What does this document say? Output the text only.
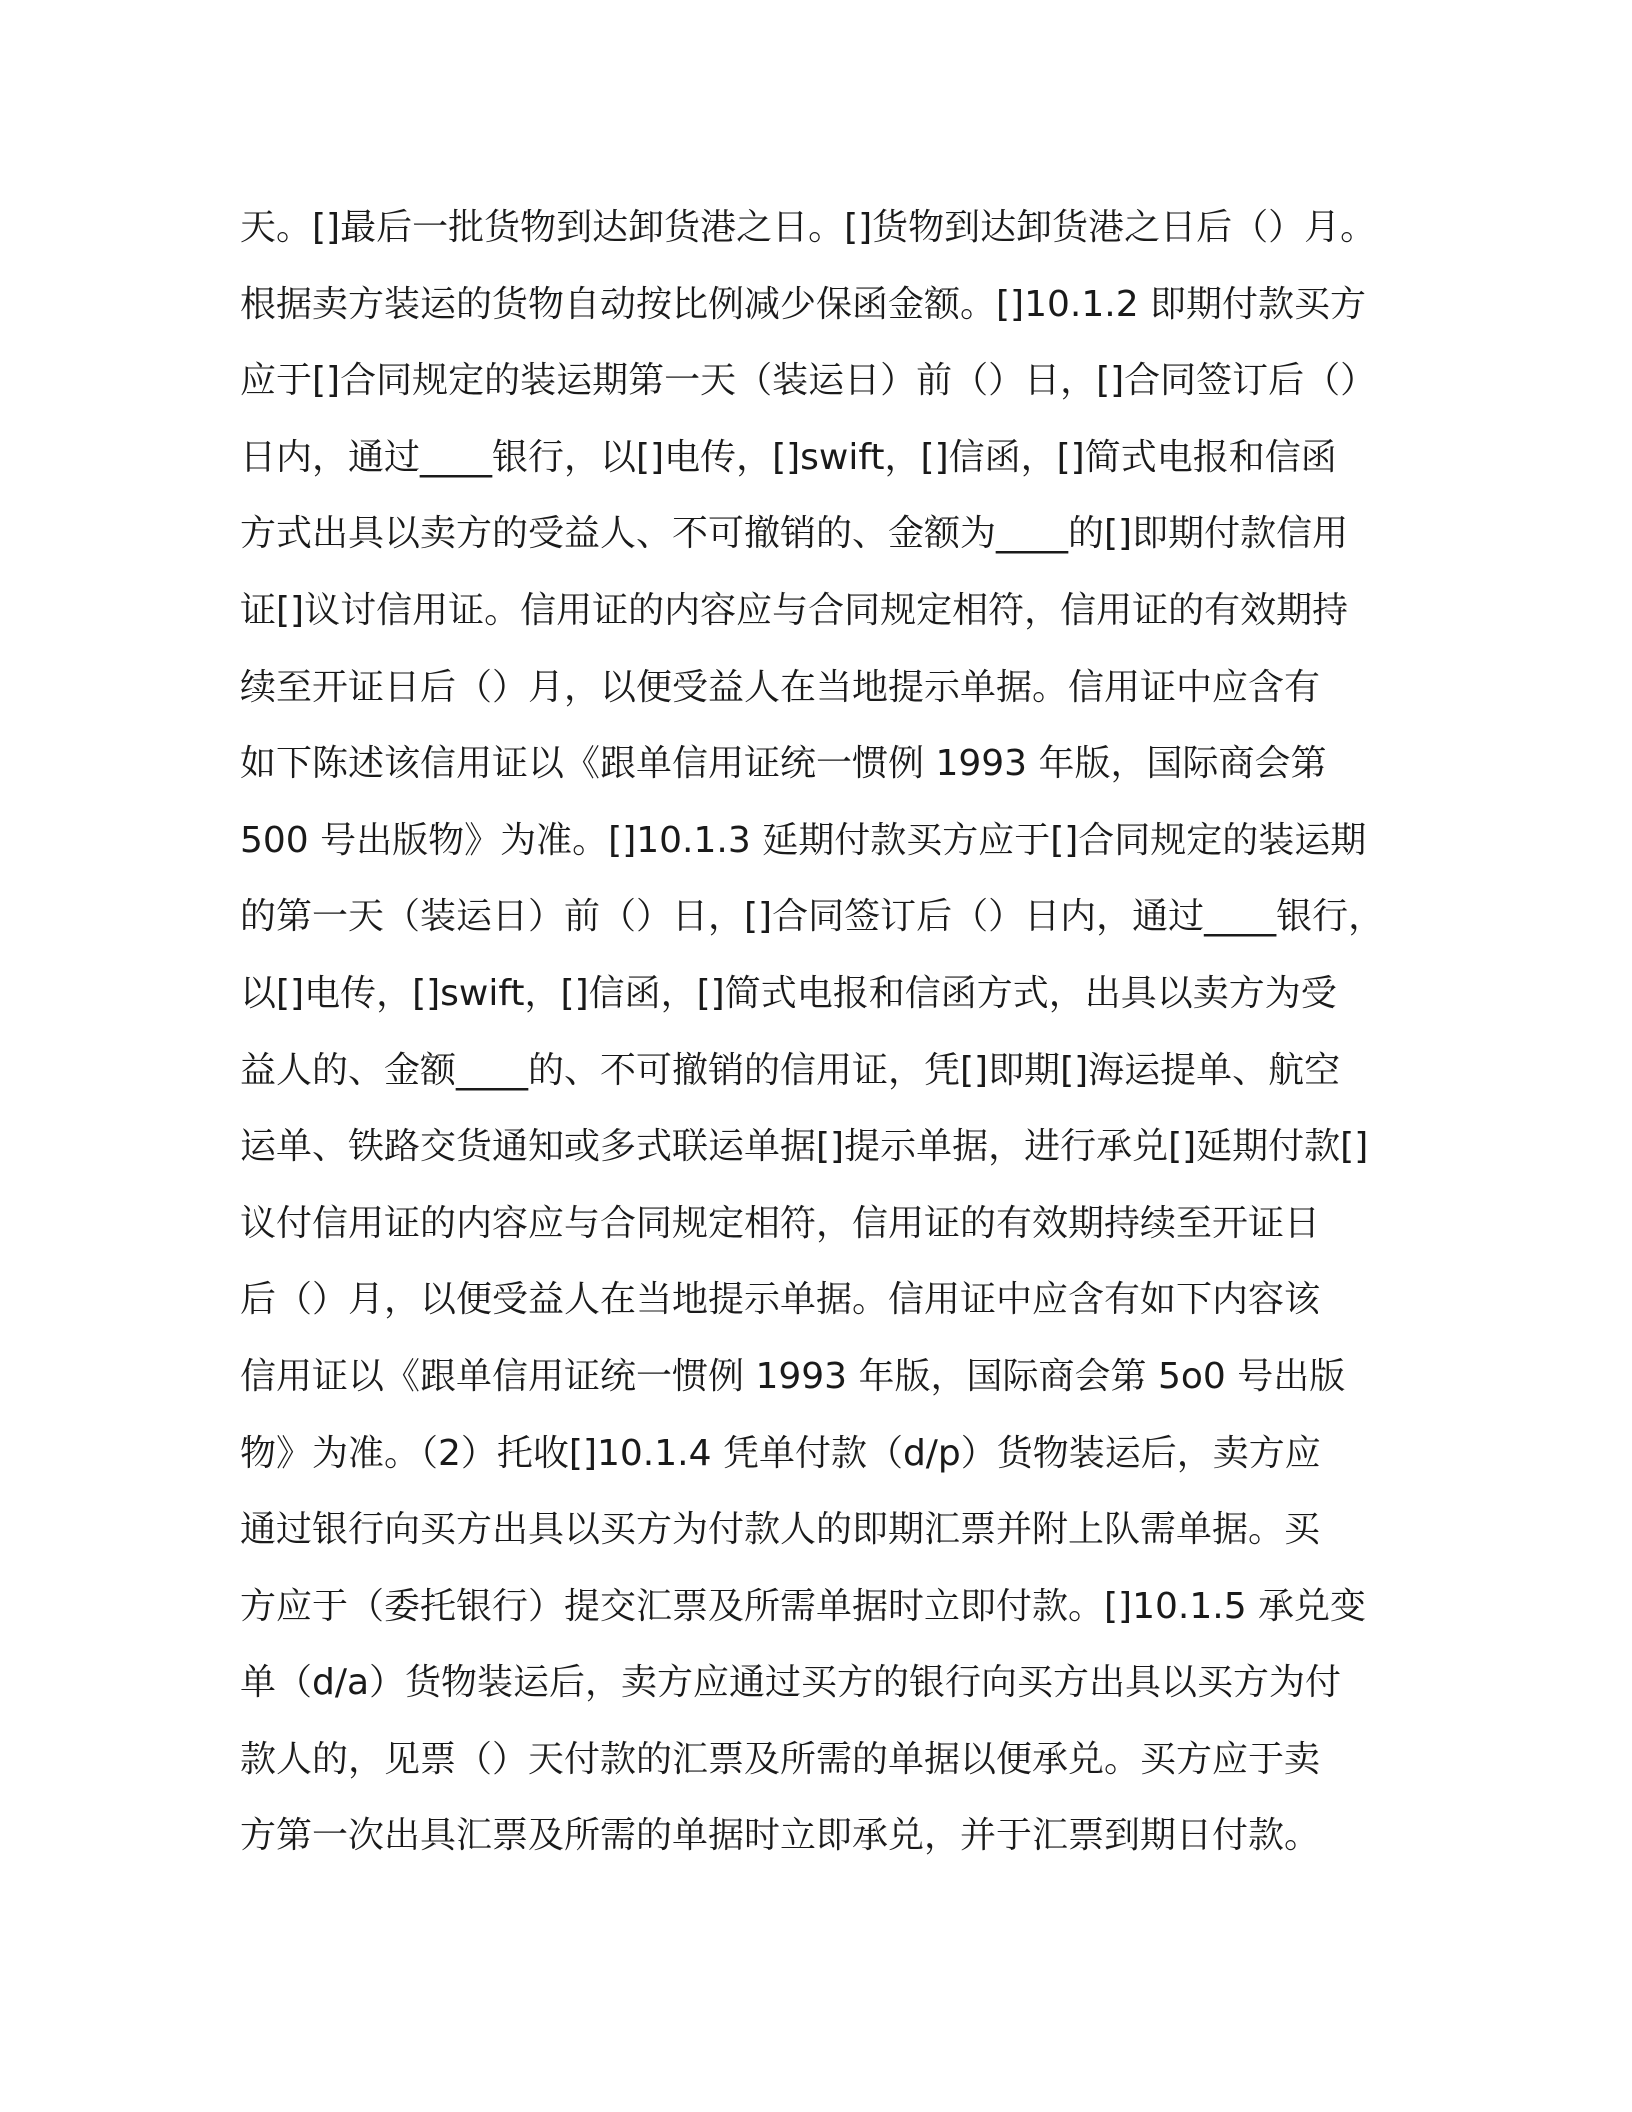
天。[]最后一批货物到达卸货港之日。[]货物到达卸货港之日后（）月。
根据卖方装运的货物自动按比例减少保函金额。[]10.1.2 即期付款买方
应于[]合同规定的装运期第一天（装运日）前（）日，[]合同签订后（）
日内，通过____银行，以[]电传，[]swift，[]信函，[]简式电报和信函
方式出具以卖方的受益人、不可撤销的、金额为____的[]即期付款信用
证[]议讨信用证。信用证的内容应与合同规定相符，信用证的有效期持
续至开证日后（）月，以便受益人在当地提示单据。信用证中应含有
如下陈述该信用证以《跟单信用证统一惯例 1993 年版，国际商会第
500 号出版物》为准。[]10.1.3 延期付款买方应于[]合同规定的装运期
的第一天（装运日）前（）日，[]合同签订后（）日内，通过____银行，
以[]电传，[]swift，[]信函，[]简式电报和信函方式，出具以卖方为受
益人的、金额____的、不可撤销的信用证，凭[]即期[]海运提单、航空
运单、铁路交货通知或多式联运单据[]提示单据，进行承兑[]延期付款[]
议付信用证的内容应与合同规定相符，信用证的有效期持续至开证日
后（）月，以便受益人在当地提示单据。信用证中应含有如下内容该
信用证以《跟单信用证统一惯例 1993 年版，国际商会第 5o0 号出版
物》为准。（2）托收[]10.1.4 凭单付款（d/p）货物装运后，卖方应
通过银行向买方出具以买方为付款人的即期汇票并附上队需单据。买
方应于（委托银行）提交汇票及所需单据时立即付款。[]10.1.5 承兑变
单（d/a）货物装运后，卖方应通过买方的银行向买方出具以买方为付
款人的，见票（）天付款的汇票及所需的单据以便承兑。买方应于卖
方第一次出具汇票及所需的单据时立即承兑，并于汇票到期日付款。
